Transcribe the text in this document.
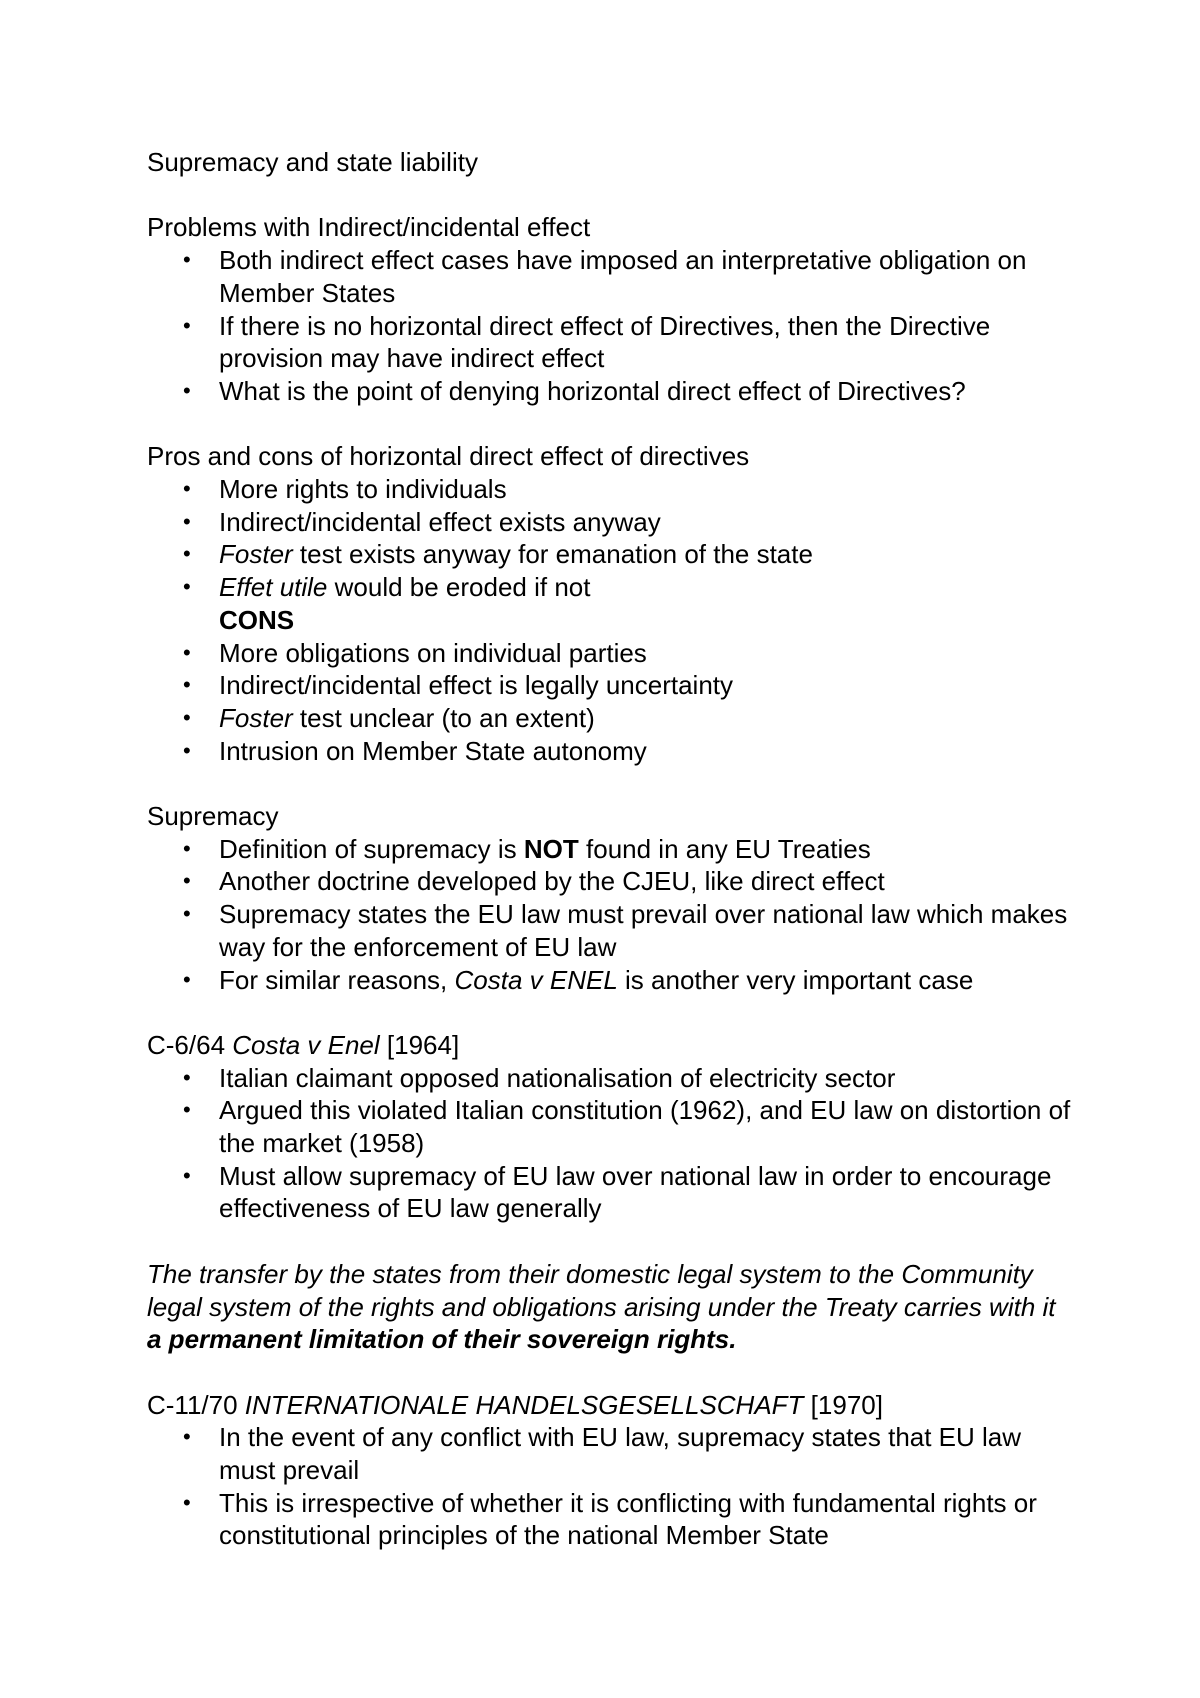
Supremacy and state liability

Problems with Indirect/incidental effect

• Both indirect effect cases have imposed an interpretative obligation on Member States
• If there is no horizontal direct effect of Directives, then the Directive provision may have indirect effect
• What is the point of denying horizontal direct effect of Directives?

Pros and cons of horizontal direct effect of directives

• More rights to individuals
• Indirect/incidental effect exists anyway
• Foster test exists anyway for emanation of the state
• Effet utile would be eroded if not

CONS

• More obligations on individual parties
• Indirect/incidental effect is legally uncertainty
• Foster test unclear (to an extent)
• Intrusion on Member State autonomy

Supremacy

• Definition of supremacy is NOT found in any EU Treaties
• Another doctrine developed by the CJEU, like direct effect
• Supremacy states the EU law must prevail over national law which makes way for the enforcement of EU law
• For similar reasons, Costa v ENEL is another very important case

C-6/64 Costa v Enel [1964]

• Italian claimant opposed nationalisation of electricity sector
• Argued this violated Italian constitution (1962), and EU law on distortion of the market (1958)
• Must allow supremacy of EU law over national law in order to encourage effectiveness of EU law generally

The transfer by the states from their domestic legal system to the Community legal system of the rights and obligations arising under the Treaty carries with it a permanent limitation of their sovereign rights.

C-11/70 INTERNATIONALE HANDELSGESELLSCHAFT [1970]

• In the event of any conflict with EU law, supremacy states that EU law must prevail
• This is irrespective of whether it is conflicting with fundamental rights or constitutional principles of the national Member State
